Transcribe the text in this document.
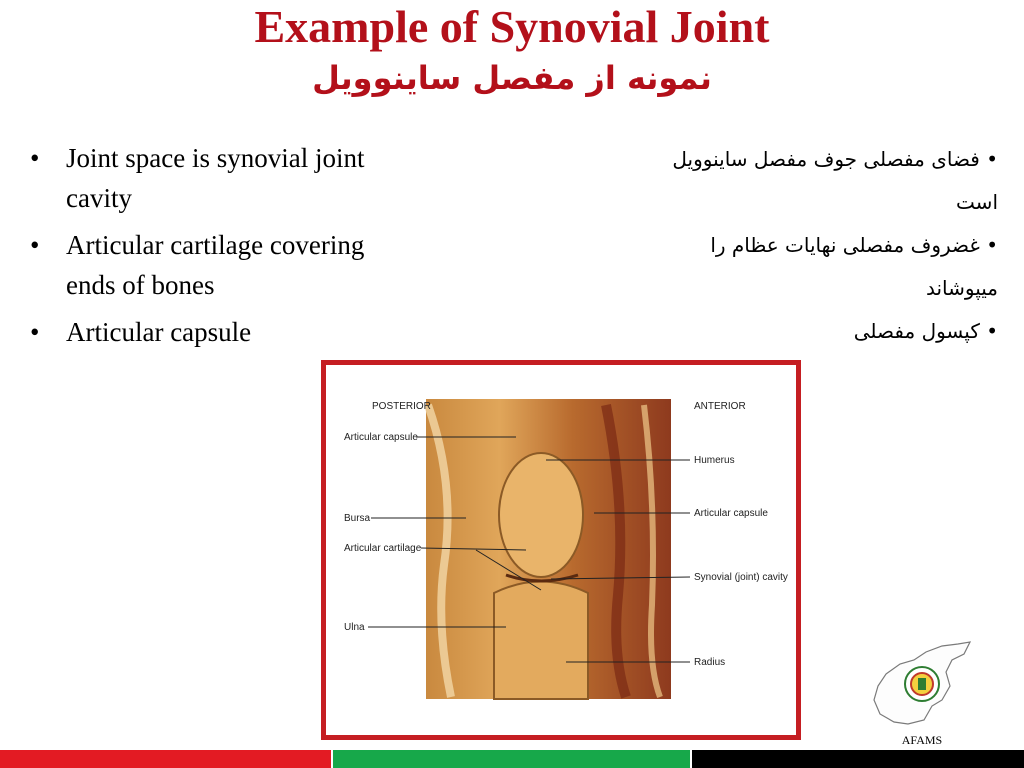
Example of Synovial Joint
نمونه از مفصل ساینوویل
• Joint space is synovial joint cavity
• Articular cartilage covering ends of bones
• Articular capsule
• فضای مفصلی جوف مفصل ساینوویل است
• غضروف مفصلی نهایات عظام را میپوشاند
• کپسول مفصلی
POSTERIOR	ANTERIOR
Articular capsule
Bursa
Articular cartilage
Ulna
Humerus
Articular capsule
Synovial (joint) cavity
Radius
AFAMS
